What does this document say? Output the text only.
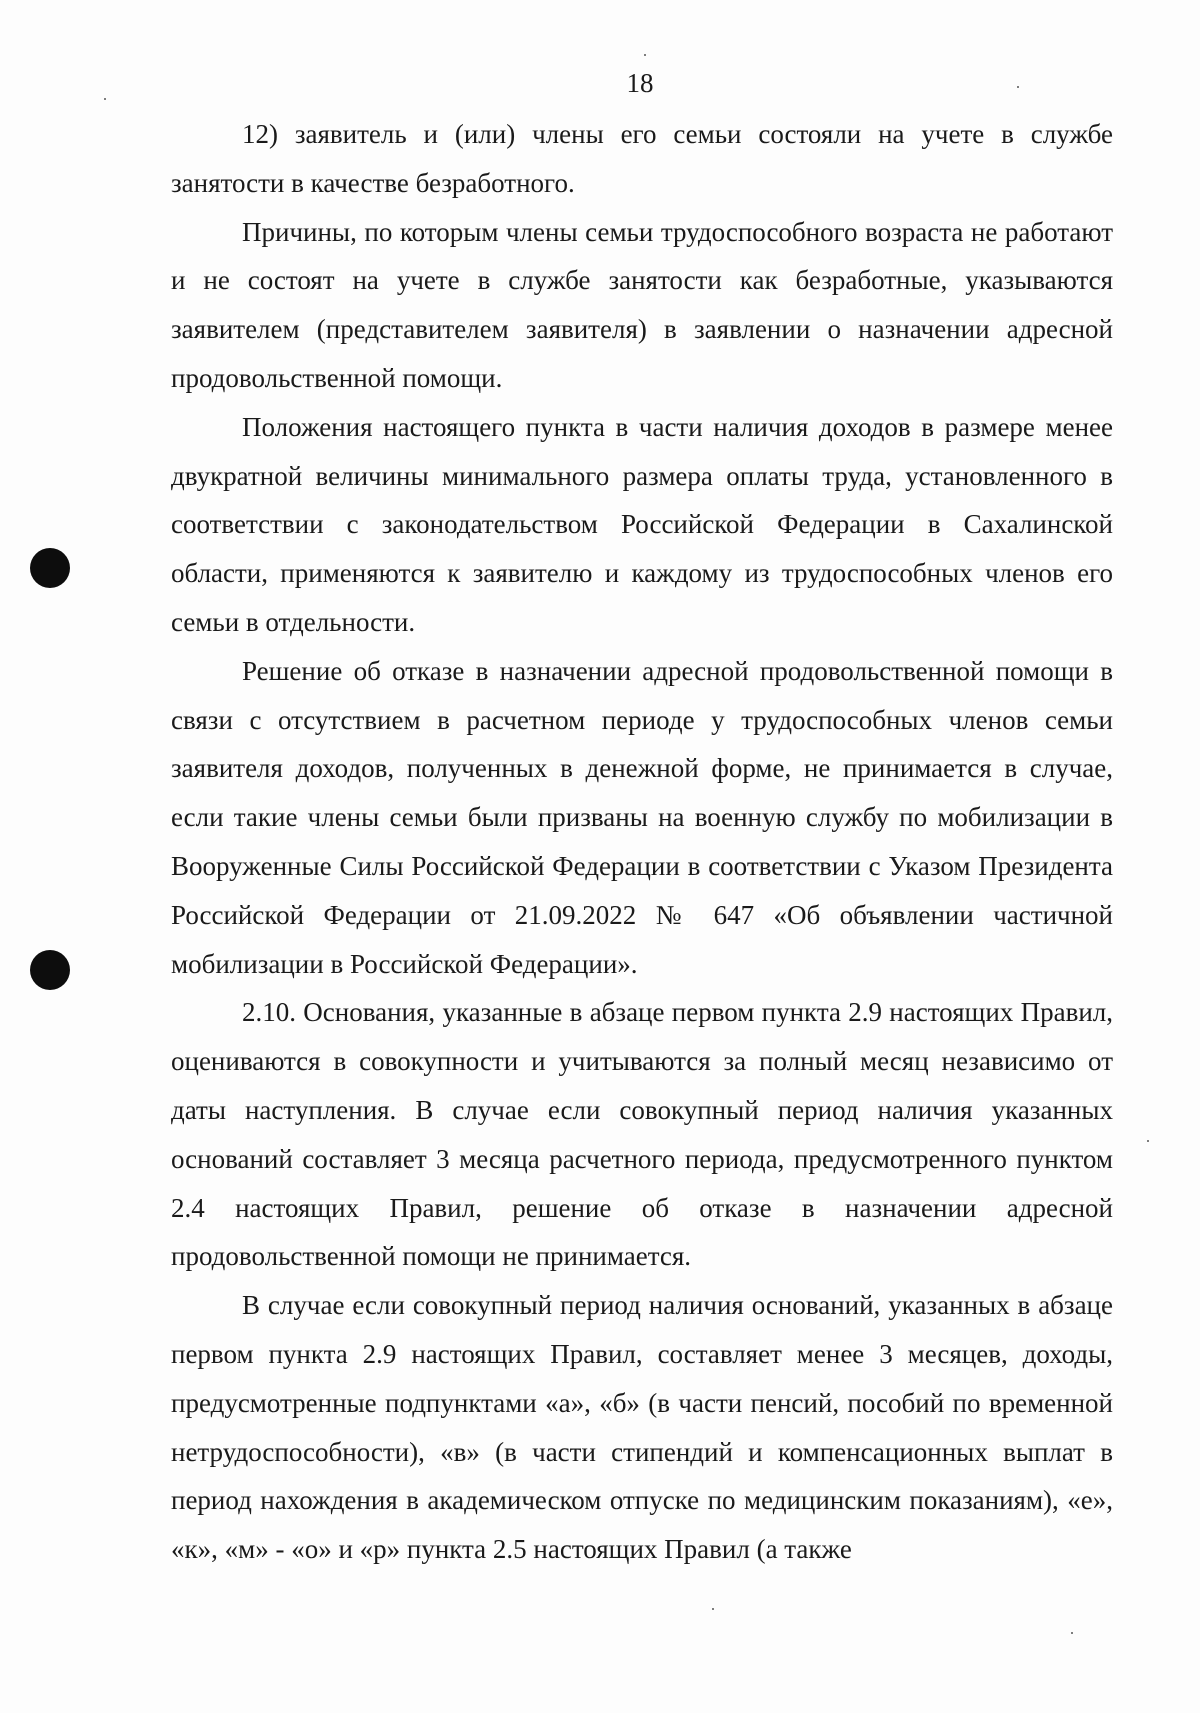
18

12) заявитель и (или) члены его семьи состояли на учете в службе занятости в качестве безработного.

Причины, по которым члены семьи трудоспособного возраста не работают и не состоят на учете в службе занятости как безработные, указываются заявителем (представителем заявителя) в заявлении о назначении адресной продовольственной помощи.

Положения настоящего пункта в части наличия доходов в размере менее двукратной величины минимального размера оплаты труда, установленного в соответствии с законодательством Российской Федерации в Сахалинской области, применяются к заявителю и каждому из трудоспособных членов его семьи в отдельности.

Решение об отказе в назначении адресной продовольственной помощи в связи с отсутствием в расчетном периоде у трудоспособных членов семьи заявителя доходов, полученных в денежной форме, не принимается в случае, если такие члены семьи были призваны на военную службу по мобилизации в Вооруженные Силы Российской Федерации в соответствии с Указом Президента Российской Федерации от 21.09.2022 № 647 «Об объявлении частичной мобилизации в Российской Федерации».

2.10. Основания, указанные в абзаце первом пункта 2.9 настоящих Правил, оцениваются в совокупности и учитываются за полный месяц независимо от даты наступления. В случае если совокупный период наличия указанных оснований составляет 3 месяца расчетного периода, предусмотренного пунктом 2.4 настоящих Правил, решение об отказе в назначении адресной продовольственной помощи не принимается.

В случае если совокупный период наличия оснований, указанных в абзаце первом пункта 2.9 настоящих Правил, составляет менее 3 месяцев, доходы, предусмотренные подпунктами «а», «б» (в части пенсий, пособий по временной нетрудоспособности), «в» (в части стипендий и компенсационных выплат в период нахождения в академическом отпуске по медицинским показаниям), «е», «к», «м» - «о» и «р» пункта 2.5 настоящих Правил (а также
